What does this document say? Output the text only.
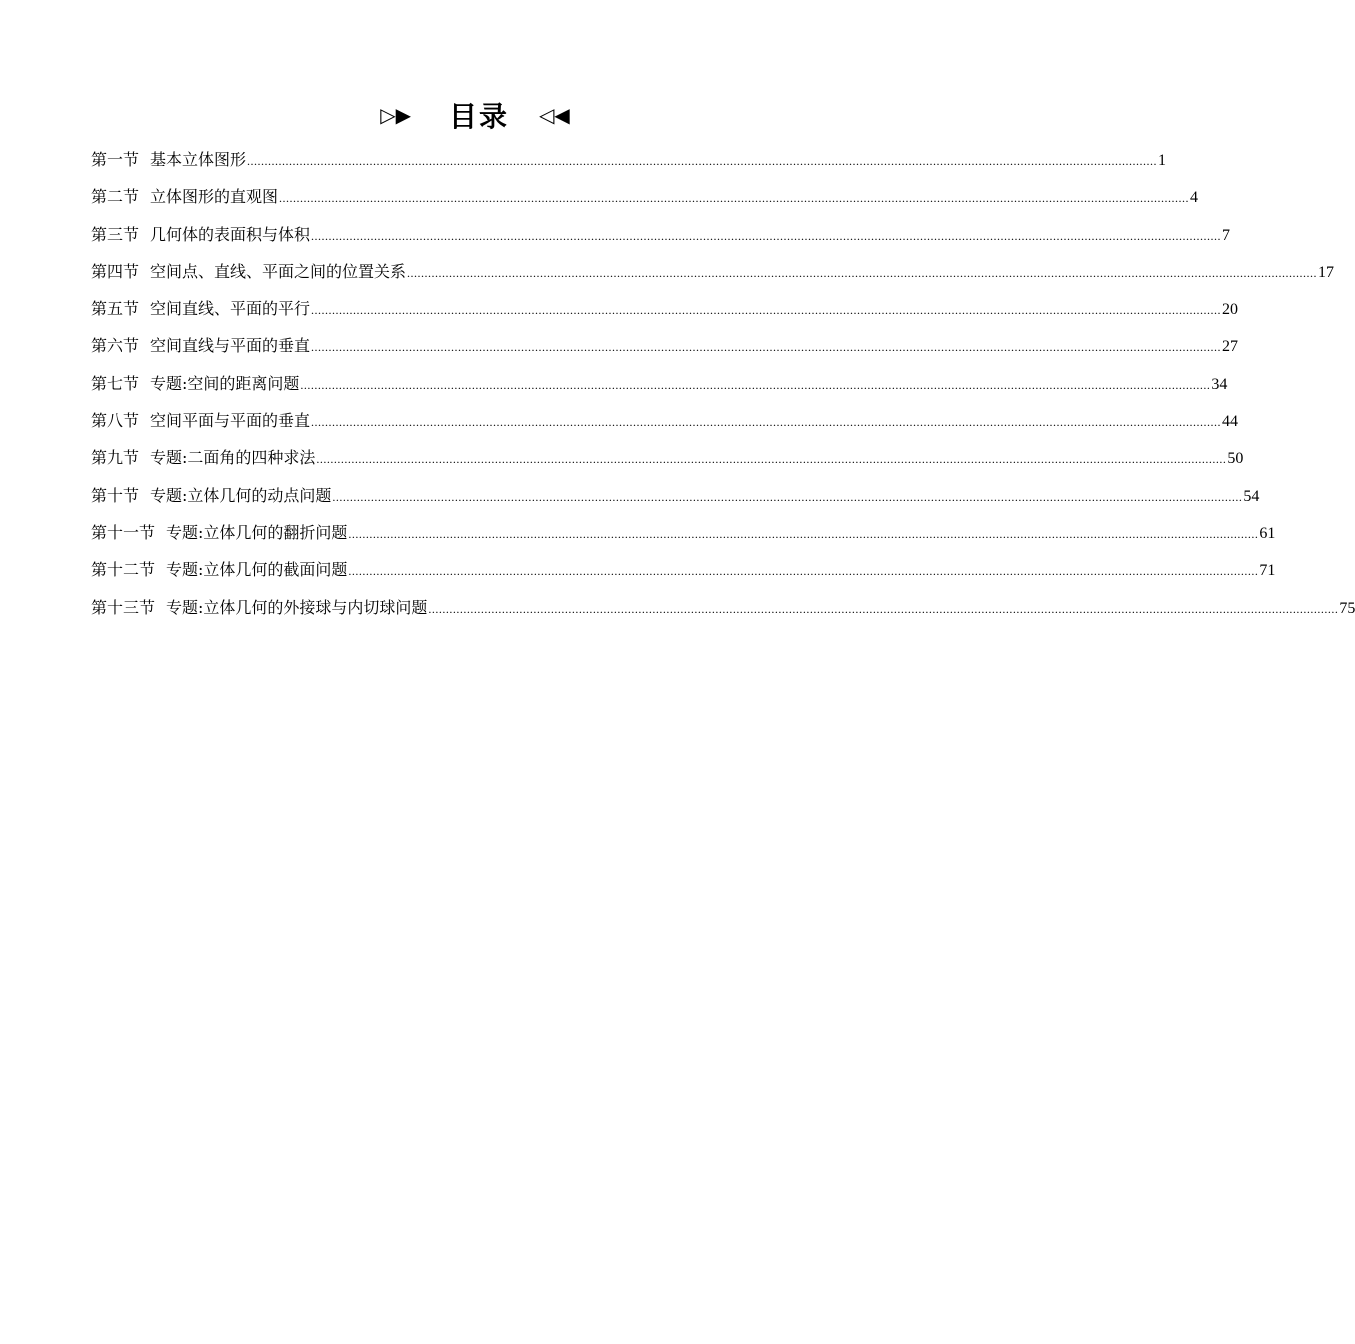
▷▶ 目录 ◁◀
第一节 基本立体图形 .................................................................................................................................................................................................................................................................... 1
第二节 立体图形的直观图 .................................................................................................................................................................................................................................................................... 4
第三节 几何体的表面积与体积 .................................................................................................................................................................................................................................................................... 7
第四节 空间点、直线、平面之间的位置关系 .................................................................................................................................................................................................................................................................... 17
第五节 空间直线、平面的平行 .................................................................................................................................................................................................................................................................... 20
第六节 空间直线与平面的垂直 .................................................................................................................................................................................................................................................................... 27
第七节 专题:空间的距离问题 .................................................................................................................................................................................................................................................................... 34
第八节 空间平面与平面的垂直 .................................................................................................................................................................................................................................................................... 44
第九节 专题:二面角的四种求法 .................................................................................................................................................................................................................................................................... 50
第十节 专题:立体几何的动点问题 .................................................................................................................................................................................................................................................................... 54
第十一节 专题:立体几何的翻折问题 .................................................................................................................................................................................................................................................................... 61
第十二节 专题:立体几何的截面问题 .................................................................................................................................................................................................................................................................... 71
第十三节 专题:立体几何的外接球与内切球问题 .................................................................................................................................................................................................................................................................... 75
